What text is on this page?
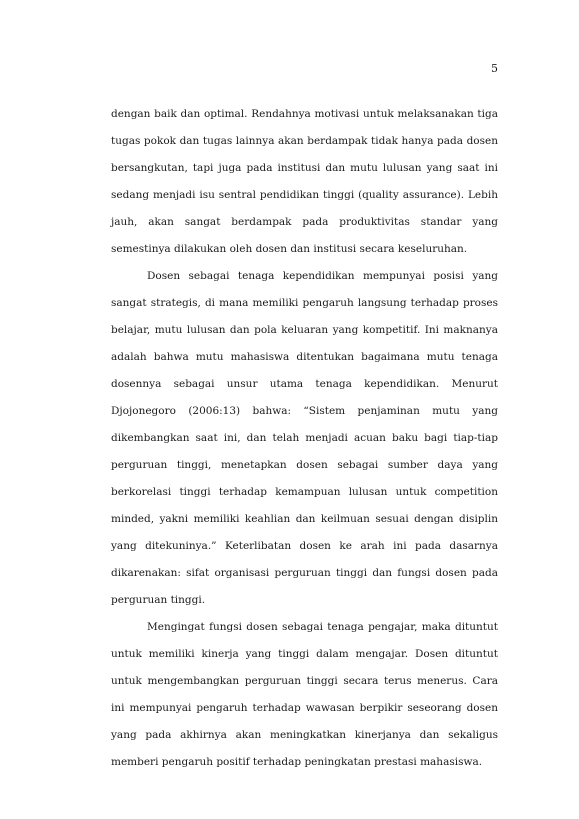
5

dengan baik dan optimal. Rendahnya motivasi untuk melaksanakan tiga tugas pokok dan tugas lainnya akan berdampak tidak hanya pada dosen bersangkutan, tapi juga pada institusi dan mutu lulusan yang saat ini sedang menjadi isu sentral pendidikan tinggi (quality assurance). Lebih jauh, akan sangat berdampak pada produktivitas standar yang semestinya dilakukan oleh dosen dan institusi secara keseluruhan.

Dosen sebagai tenaga kependidikan mempunyai posisi yang sangat strategis, di mana memiliki pengaruh langsung terhadap proses belajar, mutu lulusan dan pola keluaran yang kompetitif. Ini maknanya adalah bahwa mutu mahasiswa ditentukan bagaimana mutu tenaga dosennya sebagai unsur utama tenaga kependidikan. Menurut Djojonegoro (2006:13) bahwa: “Sistem penjaminan mutu yang dikembangkan saat ini, dan telah menjadi acuan baku bagi tiap-tiap perguruan tinggi, menetapkan dosen sebagai sumber daya yang berkorelasi tinggi terhadap kemampuan lulusan untuk competition minded, yakni memiliki keahlian dan keilmuan sesuai dengan disiplin yang ditekuninya.” Keterlibatan dosen ke arah ini pada dasarnya dikarenakan: sifat organisasi perguruan tinggi dan fungsi dosen pada perguruan tinggi.

Mengingat fungsi dosen sebagai tenaga pengajar, maka dituntut untuk memiliki kinerja yang tinggi dalam mengajar. Dosen dituntut untuk mengembangkan perguruan tinggi secara terus menerus. Cara ini mempunyai pengaruh terhadap wawasan berpikir seseorang dosen yang pada akhirnya akan meningkatkan kinerjanya dan sekaligus memberi pengaruh positif terhadap peningkatan prestasi mahasiswa.
